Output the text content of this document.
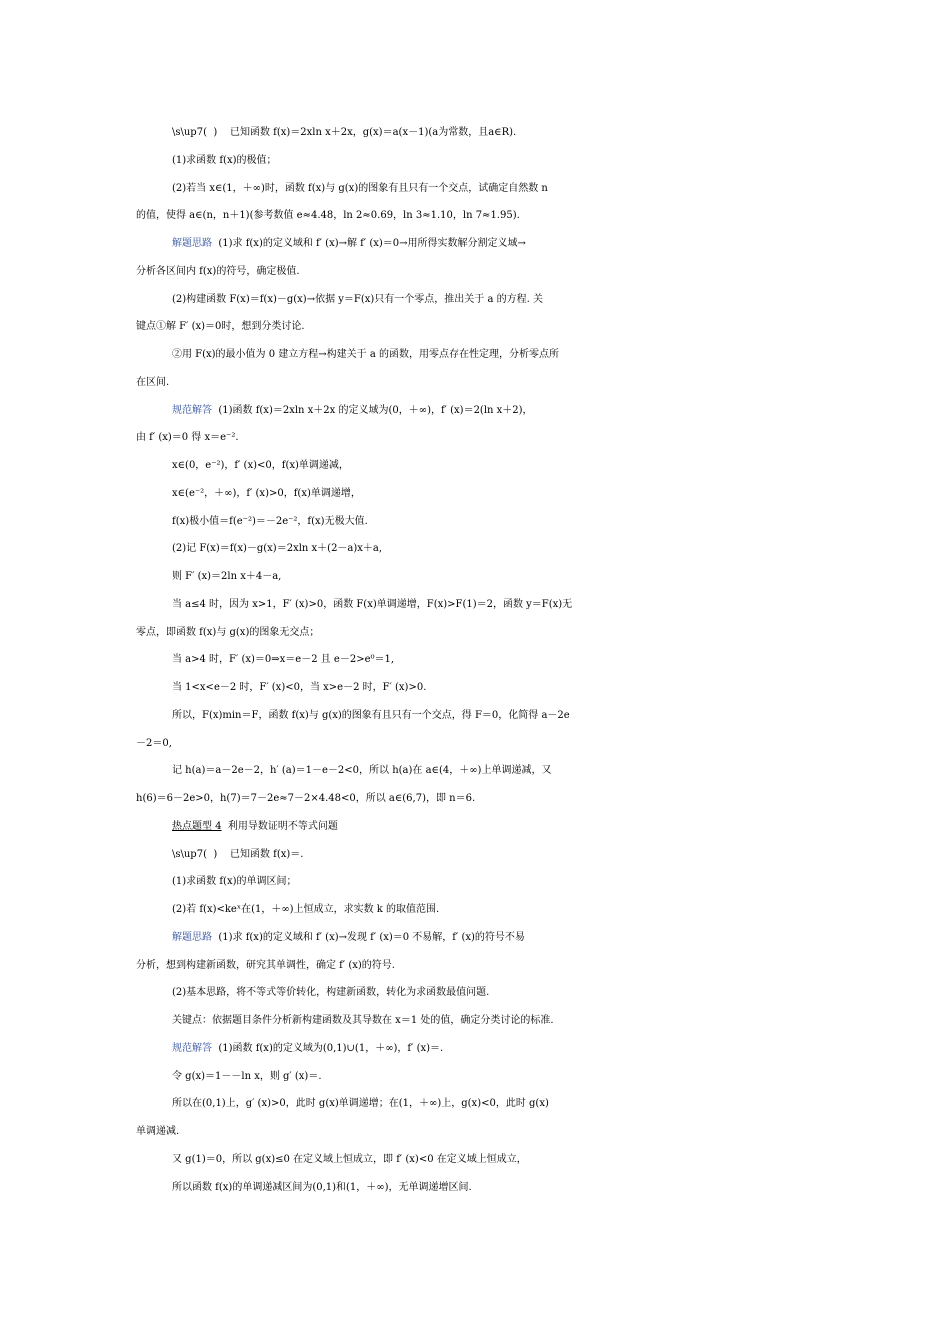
\s\up7(  )    已知函数 f(x)＝2xln x＋2x，g(x)＝a(x－1)(a为常数，且a∈R).
(1)求函数 f(x)的极值；
(2)若当 x∈(1，＋∞)时，函数 f(x)与 g(x)的图象有且只有一个交点，试确定自然数 n
的值，使得 a∈(n，n＋1)(参考数值 e≈4.48，ln 2≈0.69，ln 3≈1.10，ln 7≈1.95).
解题思路  (1)求 f(x)的定义域和 f′ (x)→解 f′ (x)＝0→用所得实数解分割定义域→
分析各区间内 f(x)的符号，确定极值.
(2)构建函数 F(x)＝f(x)－g(x)→依据 y＝F(x)只有一个零点，推出关于 a 的方程. 关
键点①解 F′ (x)＝0时，想到分类讨论.
②用 F(x)的最小值为 0 建立方程→构建关于 a 的函数，用零点存在性定理，分析零点所
在区间.
规范解答  (1)函数 f(x)＝2xln x＋2x 的定义域为(0，＋∞)，f′ (x)＝2(ln x＋2)，
由 f′ (x)＝0 得 x＝e⁻².
x∈(0，e⁻²)，f′ (x)<0，f(x)单调递减，
x∈(e⁻²，＋∞)，f′ (x)>0，f(x)单调递增，
f(x)极小值＝f(e⁻²)＝－2e⁻²，f(x)无极大值.
(2)记 F(x)＝f(x)－g(x)＝2xln x＋(2－a)x＋a,
则 F′ (x)＝2ln x＋4－a,
当 a≤4 时，因为 x>1，F′ (x)>0，函数 F(x)单调递增，F(x)>F(1)＝2，函数 y＝F(x)无
零点，即函数 f(x)与 g(x)的图象无交点；
当 a>4 时，F′ (x)＝0⇒x＝e－2 且 e－2>e⁰＝1,
当 1<x<e－2 时，F′ (x)<0，当 x>e－2 时，F′ (x)>0.
所以，F(x)min＝F，函数 f(x)与 g(x)的图象有且只有一个交点，得 F＝0，化简得 a－2e
－2＝0,
记 h(a)＝a－2e－2，h′ (a)＝1－e－2<0，所以 h(a)在 a∈(4，＋∞)上单调递减，又
h(6)＝6－2e>0，h(7)＝7－2e≈7－2×4.48<0，所以 a∈(6,7)，即 n＝6.
热点题型 4  利用导数证明不等式问题
\s\up7(  )    已知函数 f(x)＝.
(1)求函数 f(x)的单调区间；
(2)若 f(x)<keˣ在(1，＋∞)上恒成立，求实数 k 的取值范围.
解题思路  (1)求 f(x)的定义域和 f′ (x)→发现 f′ (x)＝0 不易解，f′ (x)的符号不易
分析，想到构建新函数，研究其单调性，确定 f′ (x)的符号.
(2)基本思路，将不等式等价转化，构建新函数，转化为求函数最值问题.
关键点：依据题目条件分析新构建函数及其导数在 x＝1 处的值，确定分类讨论的标准.
规范解答  (1)函数 f(x)的定义域为(0,1)∪(1，＋∞)，f′ (x)＝.
令 g(x)＝1－－ln x，则 g′ (x)＝.
所以在(0,1)上，g′ (x)>0，此时 g(x)单调递增；在(1，＋∞)上，g(x)<0，此时 g(x)
单调递减.
又 g(1)＝0，所以 g(x)≤0 在定义域上恒成立，即 f′ (x)<0 在定义域上恒成立，
所以函数 f(x)的单调递减区间为(0,1)和(1，＋∞)，无单调递增区间.
